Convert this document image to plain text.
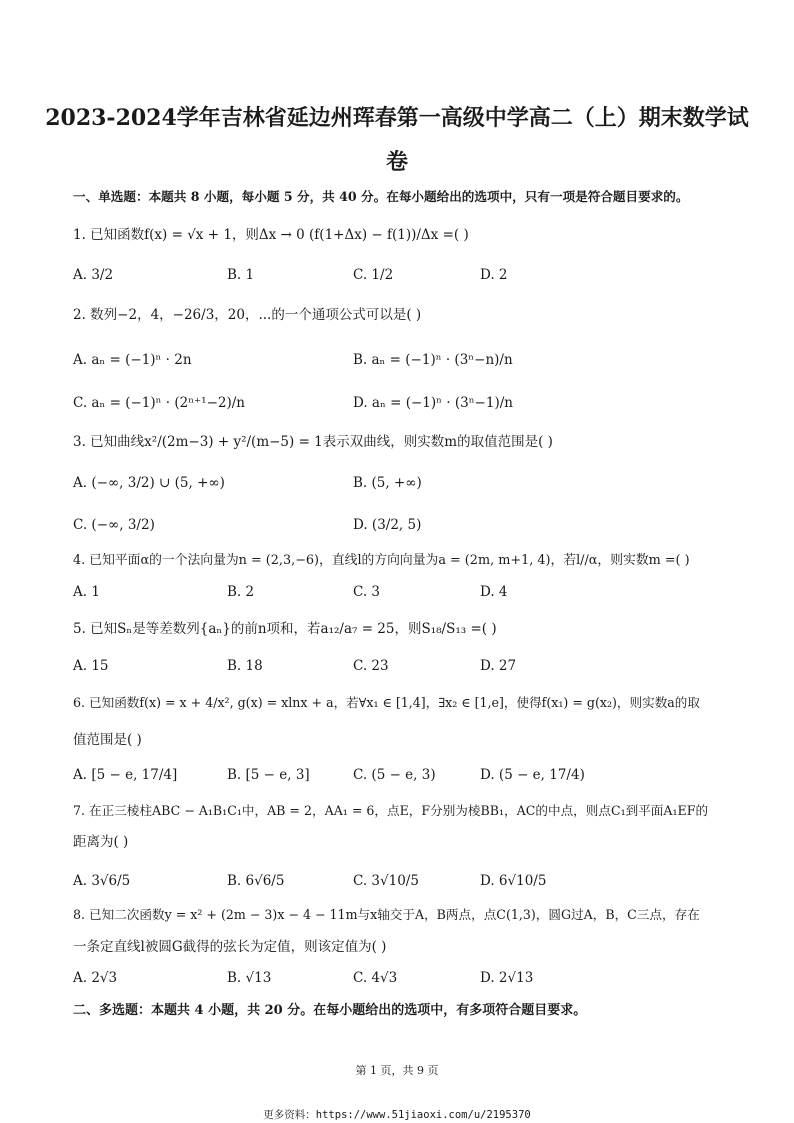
2023-2024学年吉林省延边州珲春第一高级中学高二（上）期末数学试
卷
一、单选题：本题共 8 小题，每小题 5 分，共 40 分。在每小题给出的选项中，只有一项是符合题目要求的。
1. 已知函数f(x) = √x + 1，则Δx → 0 (f(1+Δx) − f(1))/Δx =( )
A. 3/2	B. 1	C. 1/2	D. 2
2. 数列−2，4，−26/3，20，...的一个通项公式可以是( )
A. aₙ = (−1)ⁿ · 2n	B. aₙ = (−1)ⁿ · (3ⁿ−n)/n
C. aₙ = (−1)ⁿ · (2ⁿ⁺¹−2)/n	D. aₙ = (−1)ⁿ · (3ⁿ−1)/n
3. 已知曲线x²/(2m−3) + y²/(m−5) = 1表示双曲线，则实数m的取值范围是( )
A. (−∞, 3/2) ∪ (5, +∞)	B. (5, +∞)
C. (−∞, 3/2)	D. (3/2, 5)
4. 已知平面α的一个法向量为n = (2,3,−6)，直线l的方向向量为a = (2m, m+1, 4)，若l//α，则实数m =( )
A. 1	B. 2	C. 3	D. 4
5. 已知Sₙ是等差数列{aₙ}的前n项和，若a₁₂/a₇ = 25，则S₁₈/S₁₃ =( )
A. 15	B. 18	C. 23	D. 27
6. 已知函数f(x) = x + 4/x², g(x) = xlnx + a，若∀x₁ ∈ [1,4]，∃x₂ ∈ [1,e]，使得f(x₁) = g(x₂)，则实数a的取
值范围是( )
A. [5 − e, 17/4]	B. [5 − e, 3]	C. (5 − e, 3)	D. (5 − e, 17/4)
7. 在正三棱柱ABC − A₁B₁C₁中，AB = 2，AA₁ = 6，点E，F分别为棱BB₁，AC的中点，则点C₁到平面A₁EF的
距离为( )
A. 3√6/5	B. 6√6/5	C. 3√10/5	D. 6√10/5
8. 已知二次函数y = x² + (2m − 3)x − 4 − 11m与x轴交于A，B两点，点C(1,3)，圆G过A，B，C三点，存在
一条定直线l被圆G截得的弦长为定值，则该定值为( )
A. 2√3	B. √13	C. 4√3	D. 2√13
二、多选题：本题共 4 小题，共 20 分。在每小题给出的选项中，有多项符合题目要求。
第 1 页，共 9 页
更多资料：https://www.51jiaoxi.com/u/2195370
